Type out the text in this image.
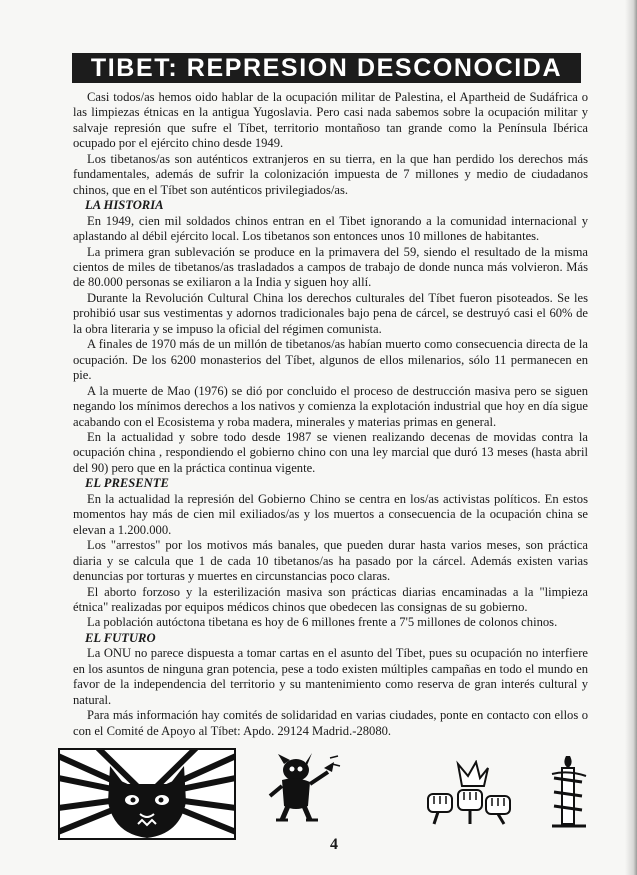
TIBET: REPRESION DESCONOCIDA

Casi todos/as hemos oido hablar de la ocupación militar de Palestina, el Apartheid de Sudáfrica o las limpiezas étnicas en la antigua Yugoslavia. Pero casi nada sabemos sobre la ocupación militar y salvaje represión que sufre el Tíbet, territorio montañoso tan grande como la Península Ibérica ocupado por el ejército chino desde 1949.

Los tibetanos/as son auténticos extranjeros en su tierra, en la que han perdido los derechos más fundamentales, además de sufrir la colonización impuesta de 7 millones y medio de ciudadanos chinos, que en el Tíbet son auténticos privilegiados/as.

LA HISTORIA

En 1949, cien mil soldados chinos entran en el Tibet ignorando a la comunidad internacional y aplastando al débil ejército local. Los tibetanos son entonces unos 10 millones de habitantes.

La primera gran sublevación se produce en la primavera del 59, siendo el resultado de la misma cientos de miles de tibetanos/as trasladados a campos de trabajo de donde nunca más volvieron. Más de 80.000 personas se exiliaron a la India y siguen hoy allí.

Durante la Revolución Cultural China los derechos culturales del Tíbet fueron pisoteados. Se les prohibió usar sus vestimentas y adornos tradicionales bajo pena de cárcel, se destruyó casi el 60% de la obra literaria y se impuso la oficial del régimen comunista.

A finales de 1970 más de un millón de tibetanos/as habían muerto como consecuencia directa de la ocupación. De los 6200 monasterios del Tíbet, algunos de ellos milenarios, sólo 11 permanecen en pie.

A la muerte de Mao (1976) se dió por concluido el proceso de destrucción masiva pero se siguen negando los mínimos derechos a los nativos y comienza la explotación industrial que hoy en día sigue acabando con el Ecosistema y roba madera, minerales y materias primas en general.

En la actualidad y sobre todo desde 1987 se vienen realizando decenas de movidas contra la ocupación china , respondiendo el gobierno chino con una ley marcial que duró 13 meses (hasta abril del 90) pero que en la práctica continua vigente.

EL PRESENTE

En la actualidad la represión del Gobierno Chino se centra en los/as activistas políticos. En estos momentos hay más de cien mil exiliados/as y los muertos a consecuencia de la ocupación china se elevan a 1.200.000.

Los "arrestos" por los motivos más banales, que pueden durar hasta varios meses, son práctica diaria y se calcula que 1 de cada 10 tibetanos/as ha pasado por la cárcel. Además existen varias denuncias por torturas y muertes en circunstancias poco claras.

El aborto forzoso y la esterilización masiva son prácticas diarias encaminadas a la "limpieza étnica" realizadas por equipos médicos chinos que obedecen las consignas de su gobierno.

La población autóctona tibetana es hoy de 6 millones frente a 7'5 millones de colonos chinos.

EL FUTURO

La ONU no parece dispuesta a tomar cartas en el asunto del Tíbet, pues su ocupación no interfiere en los asuntos de ninguna gran potencia, pese a todo existen múltiples campañas en todo el mundo en favor de la independencia del territorio y su mantenimiento como reserva de gran interés cultural y natural.

Para más información hay comités de solidaridad en varias ciudades, ponte en contacto con ellos o con el Comité de Apoyo al Tíbet: Apdo. 29124 Madrid.-28080.

4
